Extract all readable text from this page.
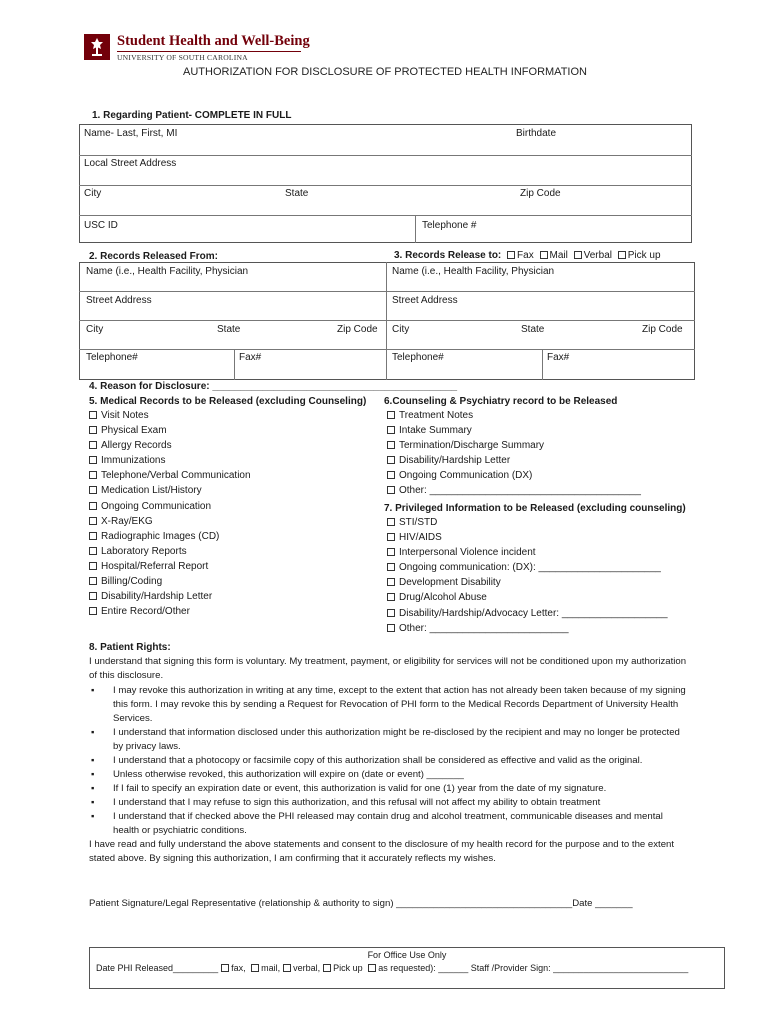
Student Health and Well-Being
UNIVERSITY OF SOUTH CAROLINA
AUTHORIZATION FOR DISCLOSURE OF PROTECTED HEALTH INFORMATION
1. Regarding Patient- COMPLETE IN FULL
Name- Last, First, MI	Birthdate
Local Street Address
City	State	Zip Code
USC ID	Telephone #
2. Records Released From:	3. Records Release to: Fax Mail Verbal Pick up
Name (i.e., Health Facility, Physician
Street Address
City	State	Zip Code
Telephone#	Fax#
Name (i.e., Health Facility, Physician
Street Address
City	State	Zip Code
Telephone#	Fax#
4. Reason for Disclosure: ____________________________________________
5. Medical Records to be Released (excluding Counseling)
Visit Notes
Physical Exam
Allergy Records
Immunizations
Telephone/Verbal Communication
Medication List/History
Ongoing Communication
X-Ray/EKG
Radiographic Images (CD)
Laboratory Reports
Hospital/Referral Report
Billing/Coding
Disability/Hardship Letter
Entire Record/Other
6.Counseling & Psychiatry record to be Released
Treatment Notes
Intake Summary
Termination/Discharge Summary
Disability/Hardship Letter
Ongoing Communication (DX)
Other: ______________________________________
7. Privileged Information to be Released (excluding counseling)
STI/STD
HIV/AIDS
Interpersonal Violence incident
Ongoing communication: (DX): ______________________
Development Disability
Drug/Alcohol Abuse
Disability/Hardship/Advocacy Letter: ___________________
Other: _________________________
8. Patient Rights:
I understand that signing this form is voluntary. My treatment, payment, or eligibility for services will not be conditioned upon my authorization of this disclosure.
▪ I may revoke this authorization in writing at any time, except to the extent that action has not already been taken because of my signing this form. I may revoke this by sending a Request for Revocation of PHI form to the Medical Records Department of University Health Services.
▪ I understand that information disclosed under this authorization might be re-disclosed by the recipient and may no longer be protected by privacy laws.
▪ I understand that a photocopy or facsimile copy of this authorization shall be considered as effective and valid as the original.
▪ Unless otherwise revoked, this authorization will expire on (date or event) _______
▪ If I fail to specify an expiration date or event, this authorization is valid for one (1) year from the date of my signature.
▪ I understand that I may refuse to sign this authorization, and this refusal will not affect my ability to obtain treatment
▪ I understand that if checked above the PHI released may contain drug and alcohol treatment, communicable diseases and mental health or psychiatric conditions.
I have read and fully understand the above statements and consent to the disclosure of my health record for the purpose and to the extent stated above. By signing this authorization, I am confirming that it accurately reflects my wishes.
Patient Signature/Legal Representative (relationship & authority to sign) _________________________________Date _______
For Office Use Only
Date PHI Released_________ fax, mail, verbal, Pick up as requested): ______ Staff /Provider Sign: ___________________________
